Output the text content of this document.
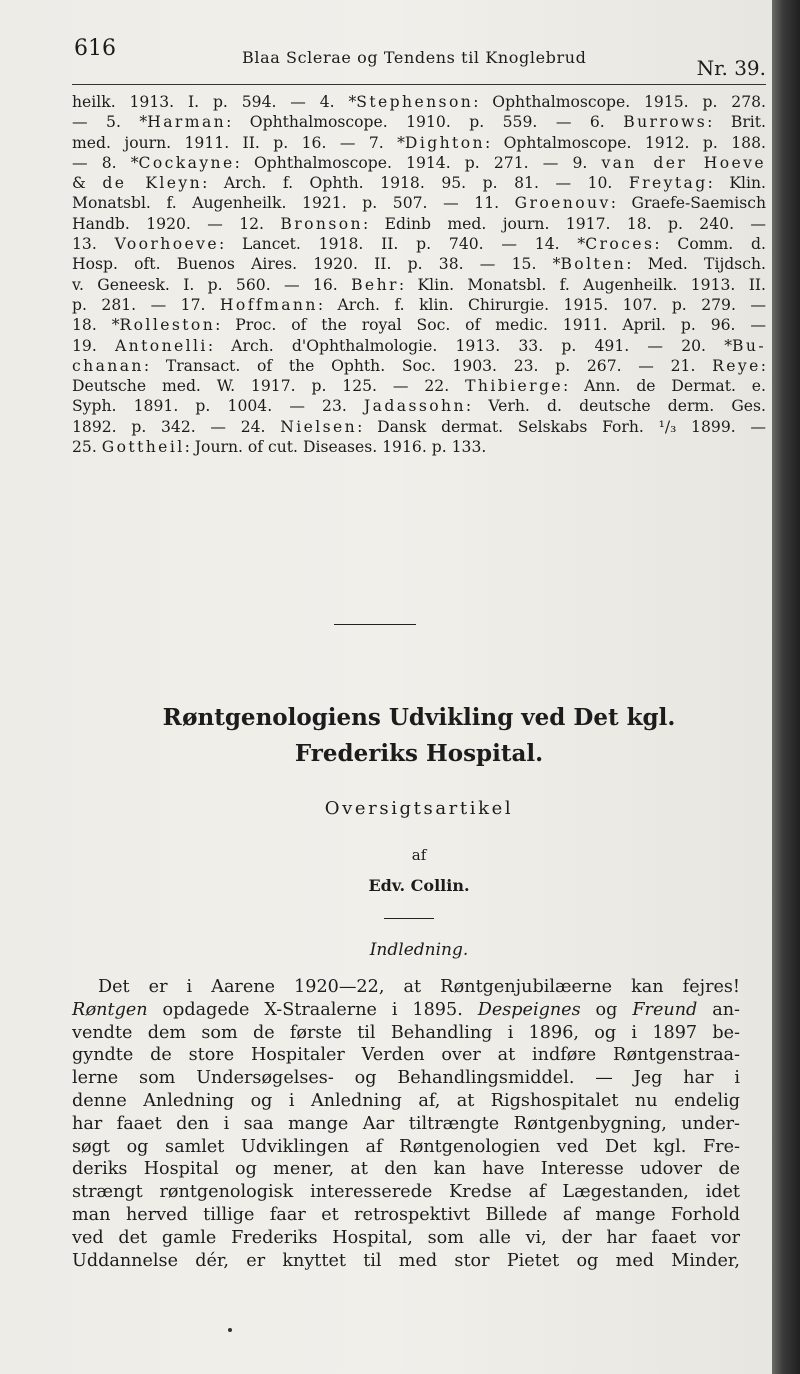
616	Blaa Sclerae og Tendens til Knoglebrud	Nr. 39.
heilk. 1913. I. p. 594. — 4. *Stephenson: Ophthalmoscope. 1915. p. 278.
— 5. *Harman: Ophthalmoscope. 1910. p. 559. — 6. Burrows: Brit.
med. journ. 1911. II. p. 16. — 7. *Dighton: Ophtalmoscope. 1912. p. 188.
— 8. *Cockayne: Ophthalmoscope. 1914. p. 271. — 9. van der Hoeve
& de Kleyn: Arch. f. Ophth. 1918. 95. p. 81. — 10. Freytag: Klin.
Monatsbl. f. Augenheilk. 1921. p. 507. — 11. Groenouv: Graefe-Saemisch
Handb. 1920. — 12. Bronson: Edinb med. journ. 1917. 18. p. 240. —
13. Voorhoeve: Lancet. 1918. II. p. 740. — 14. *Croces: Comm. d.
Hosp. oft. Buenos Aires. 1920. II. p. 38. — 15. *Bolten: Med. Tijdsch.
v. Geneesk. I. p. 560. — 16. Behr: Klin. Monatsbl. f. Augenheilk. 1913. II.
p. 281. — 17. Hoffmann: Arch. f. klin. Chirurgie. 1915. 107. p. 279. —
18. *Rolleston: Proc. of the royal Soc. of medic. 1911. April. p. 96. —
19. Antonelli: Arch. d'Ophthalmologie. 1913. 33. p. 491. — 20. *Bu-
chanan: Transact. of the Ophth. Soc. 1903. 23. p. 267. — 21. Reye:
Deutsche med. W. 1917. p. 125. — 22. Thibierge: Ann. de Dermat. e.
Syph. 1891. p. 1004. — 23. Jadassohn: Verh. d. deutsche derm. Ges.
1892. p. 342. — 24. Nielsen: Dansk dermat. Selskabs Forh. ¹/₃ 1899. —
25. Gottheil: Journ. of cut. Diseases. 1916. p. 133.
Røntgenologiens Udvikling ved Det kgl.
Frederiks Hospital.
Oversigtsartikel
af
Edv. Collin.
Indledning.
Det er i Aarene 1920—22, at Røntgenjubilæerne kan fejres!
Røntgen opdagede X-Straalerne i 1895. Despeignes og Freund an-
vendte dem som de første til Behandling i 1896, og i 1897 be-
gyndte de store Hospitaler Verden over at indføre Røntgenstraa-
lerne som Undersøgelses- og Behandlingsmiddel. — Jeg har i
denne Anledning og i Anledning af, at Rigshospitalet nu endelig
har faaet den i saa mange Aar tiltrængte Røntgenbygning, under-
søgt og samlet Udviklingen af Røntgenologien ved Det kgl. Fre-
deriks Hospital og mener, at den kan have Interesse udover de
strængt røntgenologisk interesserede Kredse af Lægestanden, idet
man herved tillige faar et retrospektivt Billede af mange Forhold
ved det gamle Frederiks Hospital, som alle vi, der har faaet vor
Uddannelse dér, er knyttet til med stor Pietet og med Minder,
